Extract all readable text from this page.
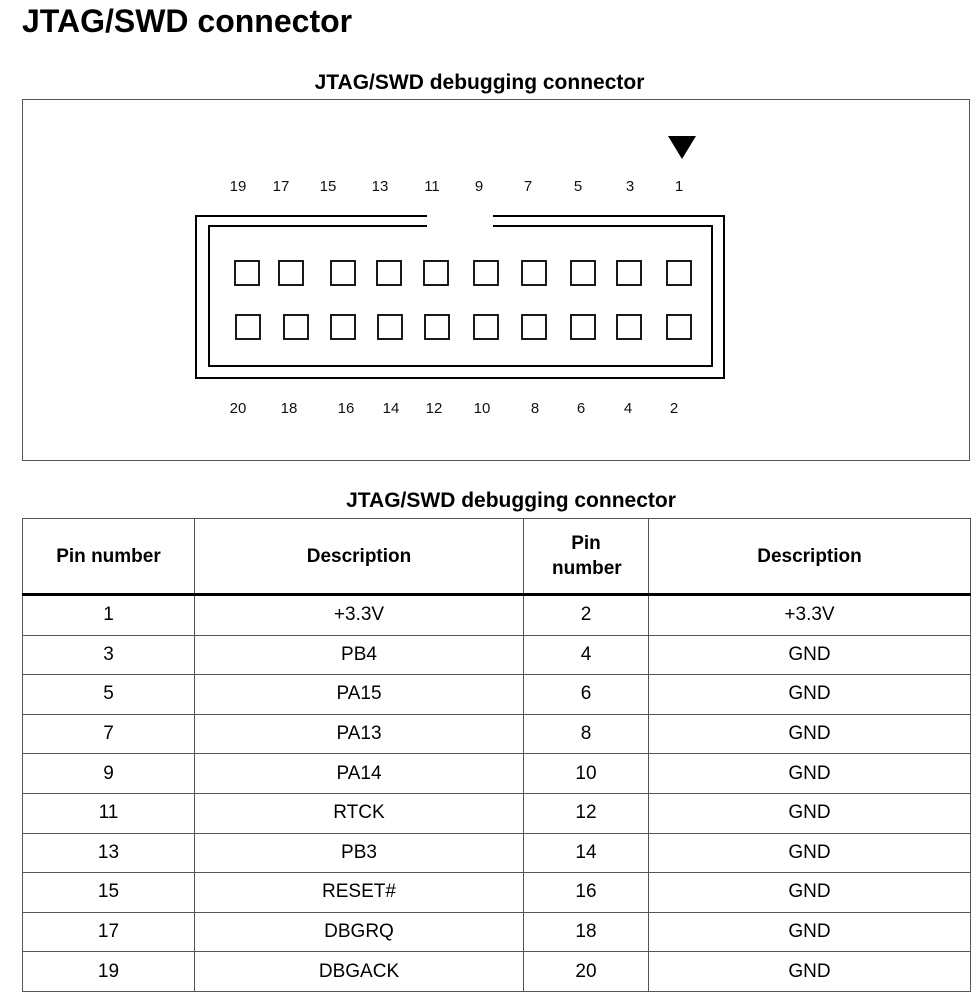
JTAG/SWD connector
JTAG/SWD debugging connector
19 17 15 13 11 9	7	5	3	1
20 18	16 14 12 10	8	6	4	2
JTAG/SWD debugging connector
Pin number	Description	Pin number	Description
1	+3.3V	2	+3.3V
3	PB4	4	GND
5	PA15	6	GND
7	PA13	8	GND
9	PA14	10	GND
11	RTCK	12	GND
13	PB3	14	GND
15	RESET#	16	GND
17	DBGRQ	18	GND
19	DBGACK	20	GND
